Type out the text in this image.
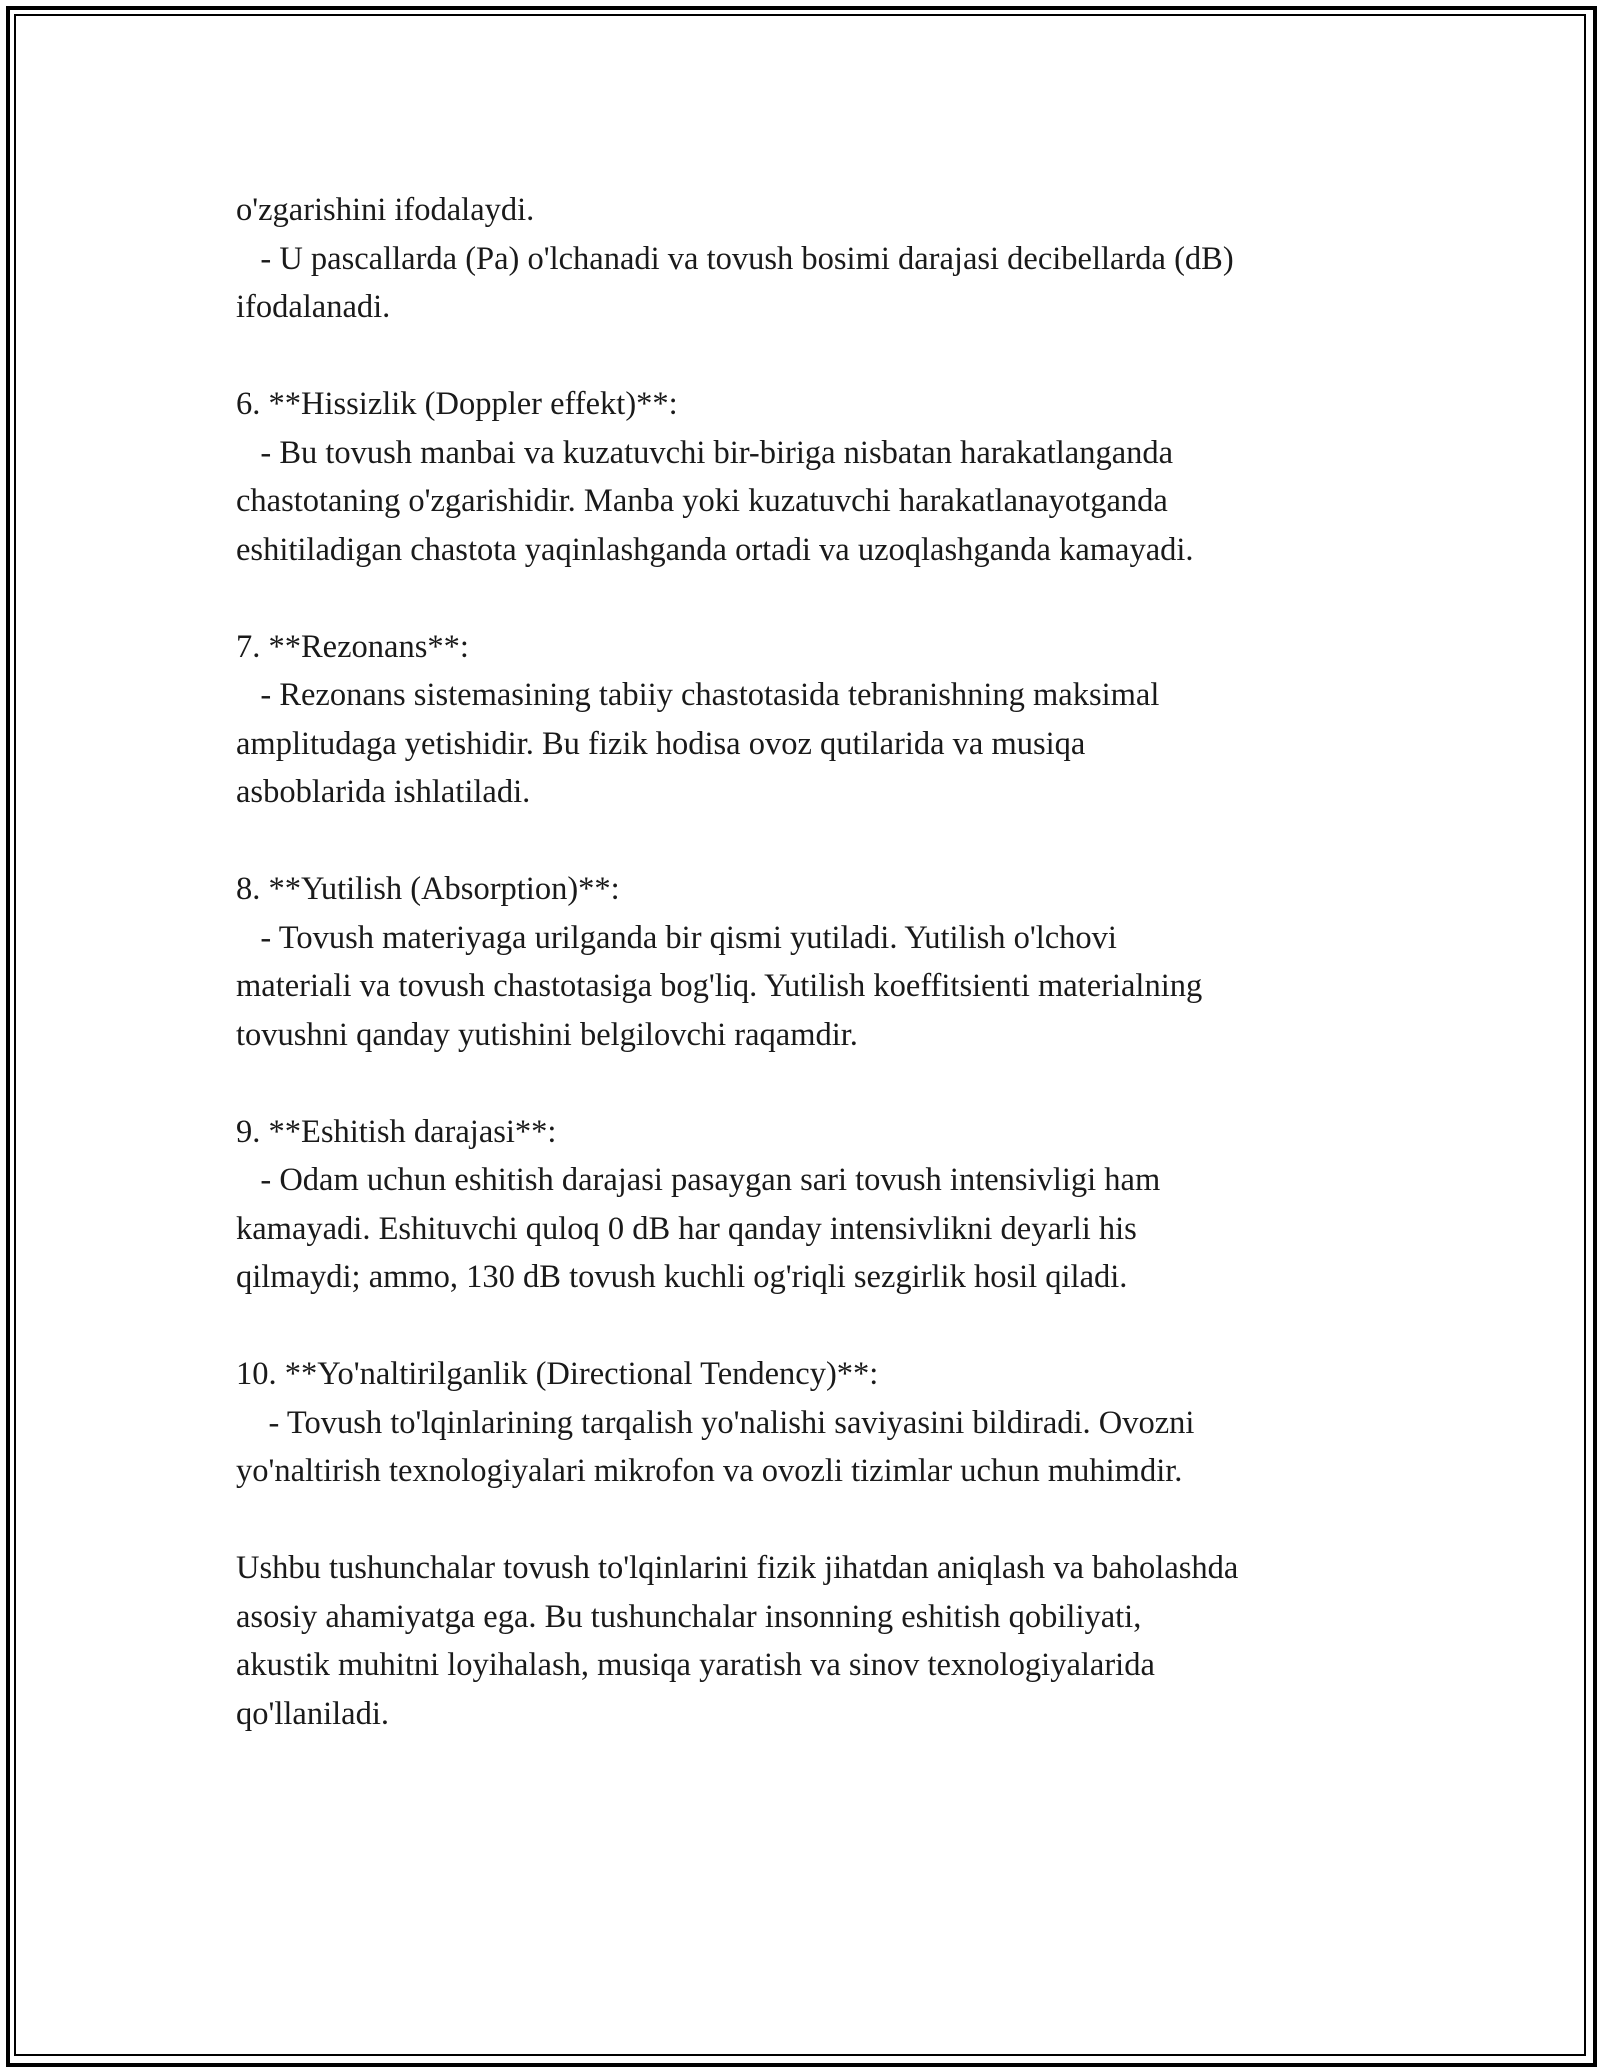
o'zgarishini ifodalaydi.
- U pascallarda (Pa) o'lchanadi va tovush bosimi darajasi decibellarda (dB)
ifodalanadi.
6. **Hissizlik (Doppler effekt)**:
- Bu tovush manbai va kuzatuvchi bir-biriga nisbatan harakatlanganda
chastotaning o'zgarishidir. Manba yoki kuzatuvchi harakatlanayotganda
eshitiladigan chastota yaqinlashganda ortadi va uzoqlashganda kamayadi.
7. **Rezonans**:
- Rezonans sistemasining tabiiy chastotasida tebranishning maksimal
amplitudaga yetishidir. Bu fizik hodisa ovoz qutilarida va musiqa
asboblarida ishlatiladi.
8. **Yutilish (Absorption)**:
- Tovush materiyaga urilganda bir qismi yutiladi. Yutilish o'lchovi
materiali va tovush chastotasiga bog'liq. Yutilish koeffitsienti materialning
tovushni qanday yutishini belgilovchi raqamdir.
9. **Eshitish darajasi**:
- Odam uchun eshitish darajasi pasaygan sari tovush intensivligi ham
kamayadi. Eshituvchi quloq 0 dB har qanday intensivlikni deyarli his
qilmaydi; ammo, 130 dB tovush kuchli og'riqli sezgirlik hosil qiladi.
10. **Yo'naltirilganlik (Directional Tendency)**:
- Tovush to'lqinlarining tarqalish yo'nalishi saviyasini bildiradi. Ovozni
yo'naltirish texnologiyalari mikrofon va ovozli tizimlar uchun muhimdir.
Ushbu tushunchalar tovush to'lqinlarini fizik jihatdan aniqlash va baholashda
asosiy ahamiyatga ega. Bu tushunchalar insonning eshitish qobiliyati,
akustik muhitni loyihalash, musiqa yaratish va sinov texnologiyalarida
qo'llaniladi.
